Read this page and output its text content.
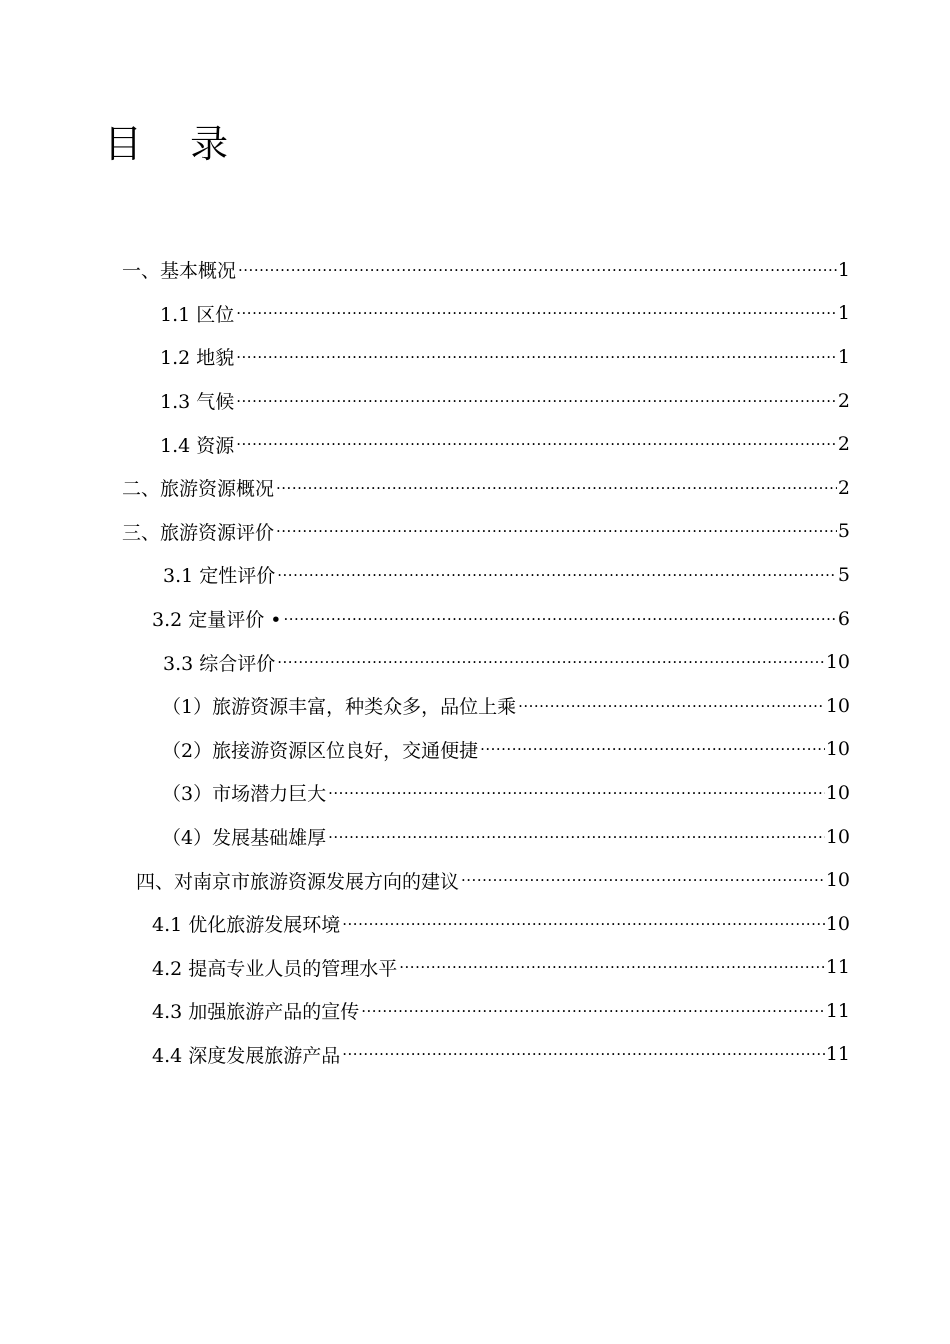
目 录
一、基本概况 ·····	1
1.1 区位 ·····	1
1.2 地貌 ·····	1
1.3 气候 ·····	2
1.4 资源 ·····	2
二、旅游资源概况 ·····	2
三、旅游资源评价 ·····	5
3.1 定性评价 ·····	5
3.2 定量评价 • ·····	6
3.3 综合评价 ·····	10
（1）旅游资源丰富，种类众多，品位上乘 ·····	10
（2）旅接游资源区位良好，交通便捷 ·····	10
（3）市场潜力巨大 ·····	10
（4）发展基础雄厚 ·····	10
四、对南京市旅游资源发展方向的建议 ·····	10
4.1 优化旅游发展环境 ·····	10
4.2 提高专业人员的管理水平 ·····	11
4.3 加强旅游产品的宣传 ·····	11
4.4 深度发展旅游产品 ·····	11
